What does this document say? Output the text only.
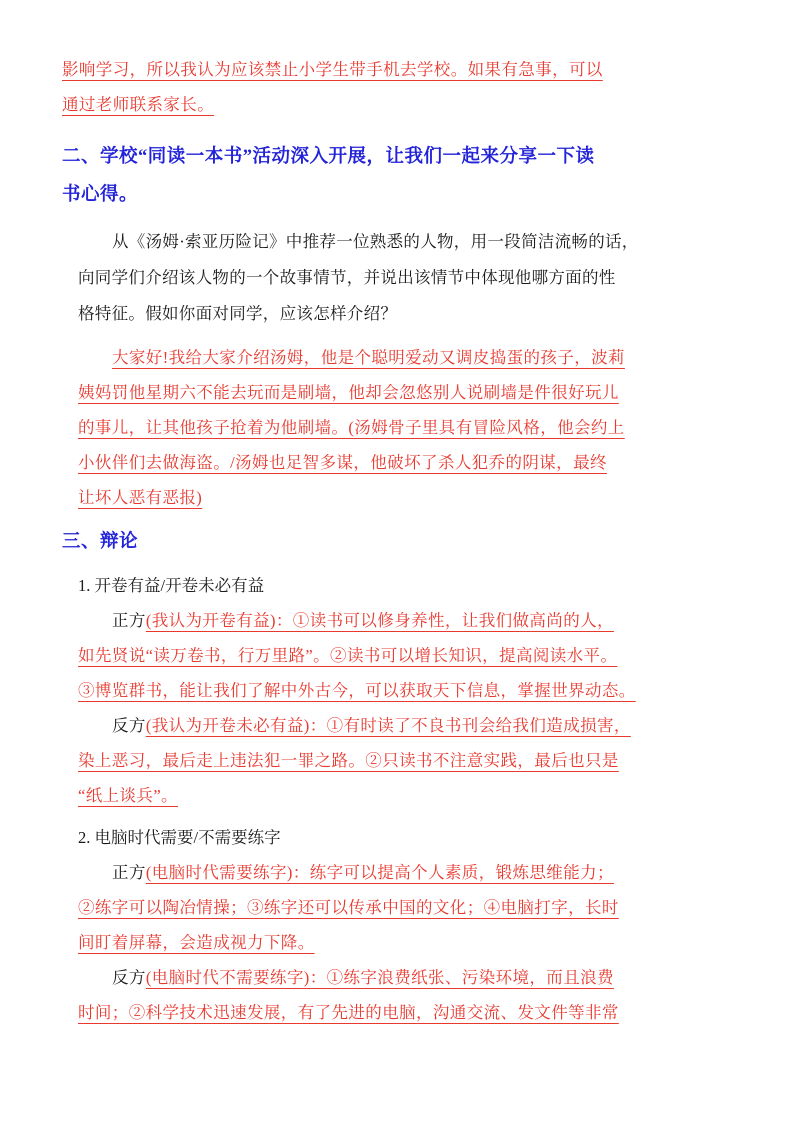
影响学习，所以我认为应该禁止小学生带手机去学校。如果有急事，可以
通过老师联系家长。
二、学校“同读一本书”活动深入开展，让我们一起来分享一下读
书心得。
从《汤姆·索亚历险记》中推荐一位熟悉的人物，用一段简洁流畅的话，
向同学们介绍该人物的一个故事情节，并说出该情节中体现他哪方面的性
格特征。假如你面对同学，应该怎样介绍？
大家好!我给大家介绍汤姆，他是个聪明爱动又调皮捣蛋的孩子，波莉
姨妈罚他星期六不能去玩而是刷墙，他却会忽悠别人说刷墙是件很好玩儿
的事儿，让其他孩子抢着为他刷墙。(汤姆骨子里具有冒险风格，他会约上
小伙伴们去做海盗。/汤姆也足智多谋，他破坏了杀人犯乔的阴谋，最终
让坏人恶有恶报)
三、辩论
1. 开卷有益/开卷未必有益
正方(我认为开卷有益)：①读书可以修身养性，让我们做高尚的人，
如先贤说“读万卷书，行万里路”。②读书可以增长知识，提高阅读水平。
③博览群书，能让我们了解中外古今，可以获取天下信息，掌握世界动态。
反方(我认为开卷未必有益)：①有时读了不良书刊会给我们造成损害，
染上恶习，最后走上违法犯一罪之路。②只读书不注意实践，最后也只是
“纸上谈兵”。
2. 电脑时代需要/不需要练字
正方(电脑时代需要练字)：练字可以提高个人素质，锻炼思维能力；
②练字可以陶冶情操；③练字还可以传承中国的文化；④电脑打字，长时
间盯着屏幕，会造成视力下降。
反方(电脑时代不需要练字)：①练字浪费纸张、污染环境，而且浪费
时间；②科学技术迅速发展，有了先进的电脑，沟通交流、发文件等非常
